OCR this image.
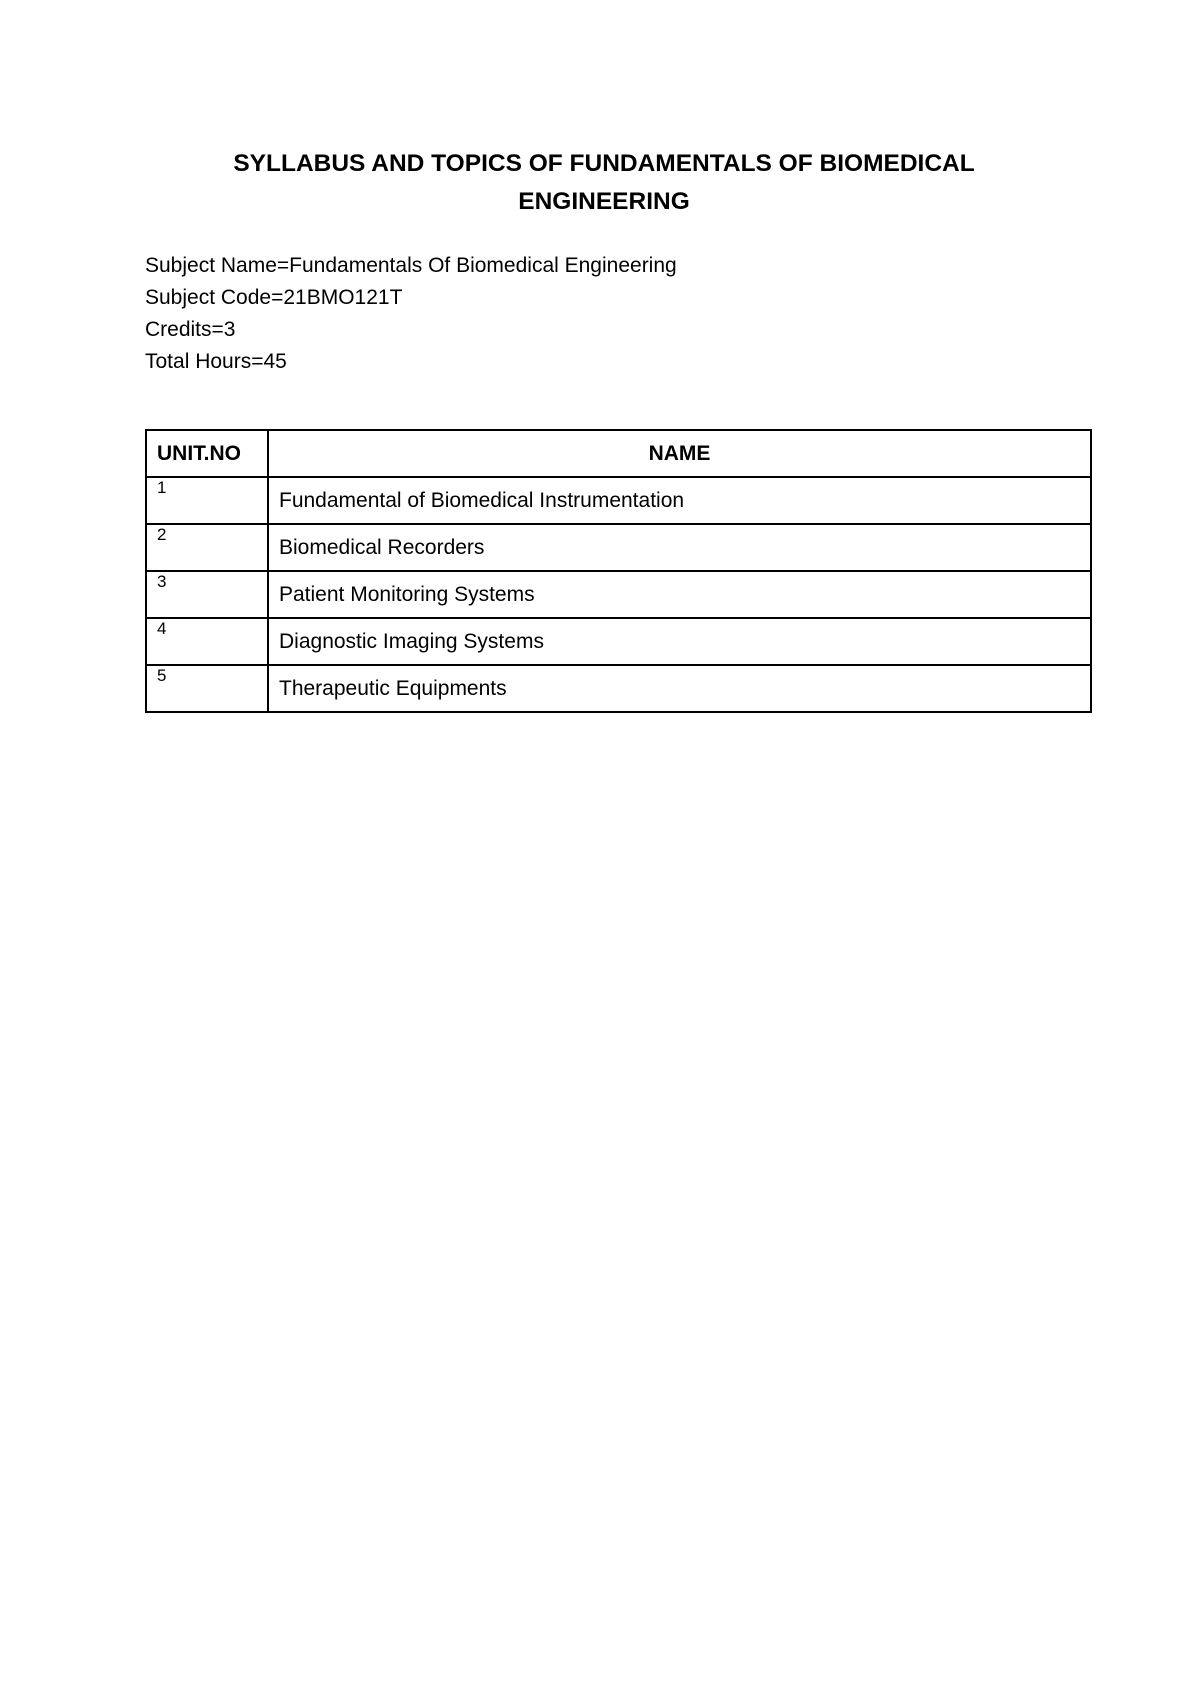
SYLLABUS AND TOPICS OF FUNDAMENTALS OF BIOMEDICAL ENGINEERING
Subject Name=Fundamentals Of Biomedical Engineering
Subject Code=21BMO121T
Credits=3
Total Hours=45
UNIT.NO	NAME
1	Fundamental of Biomedical Instrumentation
2	Biomedical Recorders
3	Patient Monitoring Systems
4	Diagnostic Imaging Systems
5	Therapeutic Equipments
